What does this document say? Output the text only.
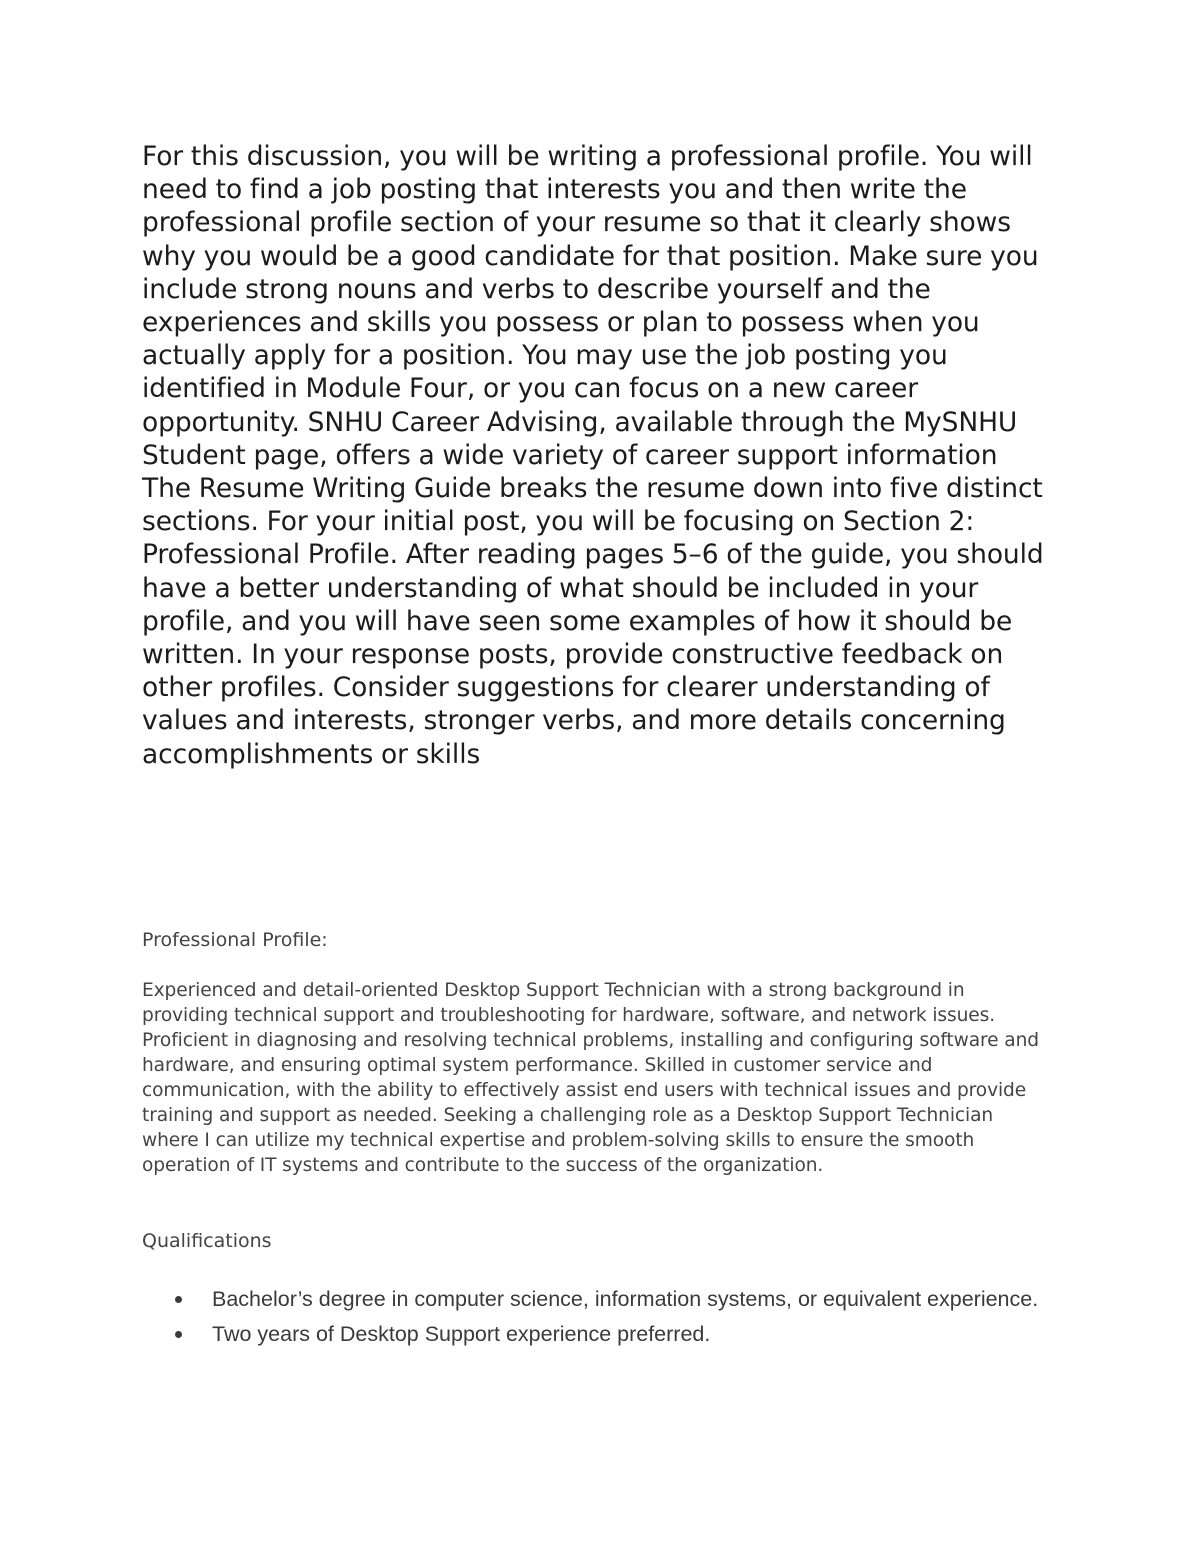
For this discussion, you will be writing a professional profile. You will need to find a job posting that interests you and then write the professional profile section of your resume so that it clearly shows why you would be a good candidate for that position. Make sure you include strong nouns and verbs to describe yourself and the experiences and skills you possess or plan to possess when you actually apply for a position. You may use the job posting you identified in Module Four, or you can focus on a new career opportunity. SNHU Career Advising, available through the MySNHU Student page, offers a wide variety of career support information

The Resume Writing Guide breaks the resume down into five distinct sections. For your initial post, you will be focusing on Section 2: Professional Profile. After reading pages 5–6 of the guide, you should have a better understanding of what should be included in your profile, and you will have seen some examples of how it should be written. In your response posts, provide constructive feedback on other profiles. Consider suggestions for clearer understanding of values and interests, stronger verbs, and more details concerning accomplishments or skills

Professional Profile:

Experienced and detail-oriented Desktop Support Technician with a strong background in providing technical support and troubleshooting for hardware, software, and network issues. Proficient in diagnosing and resolving technical problems, installing and configuring software and hardware, and ensuring optimal system performance. Skilled in customer service and communication, with the ability to effectively assist end users with technical issues and provide training and support as needed. Seeking a challenging role as a Desktop Support Technician where I can utilize my technical expertise and problem-solving skills to ensure the smooth operation of IT systems and contribute to the success of the organization.

Qualifications

Bachelor’s degree in computer science, information systems, or equivalent experience.
Two years of Desktop Support experience preferred.
